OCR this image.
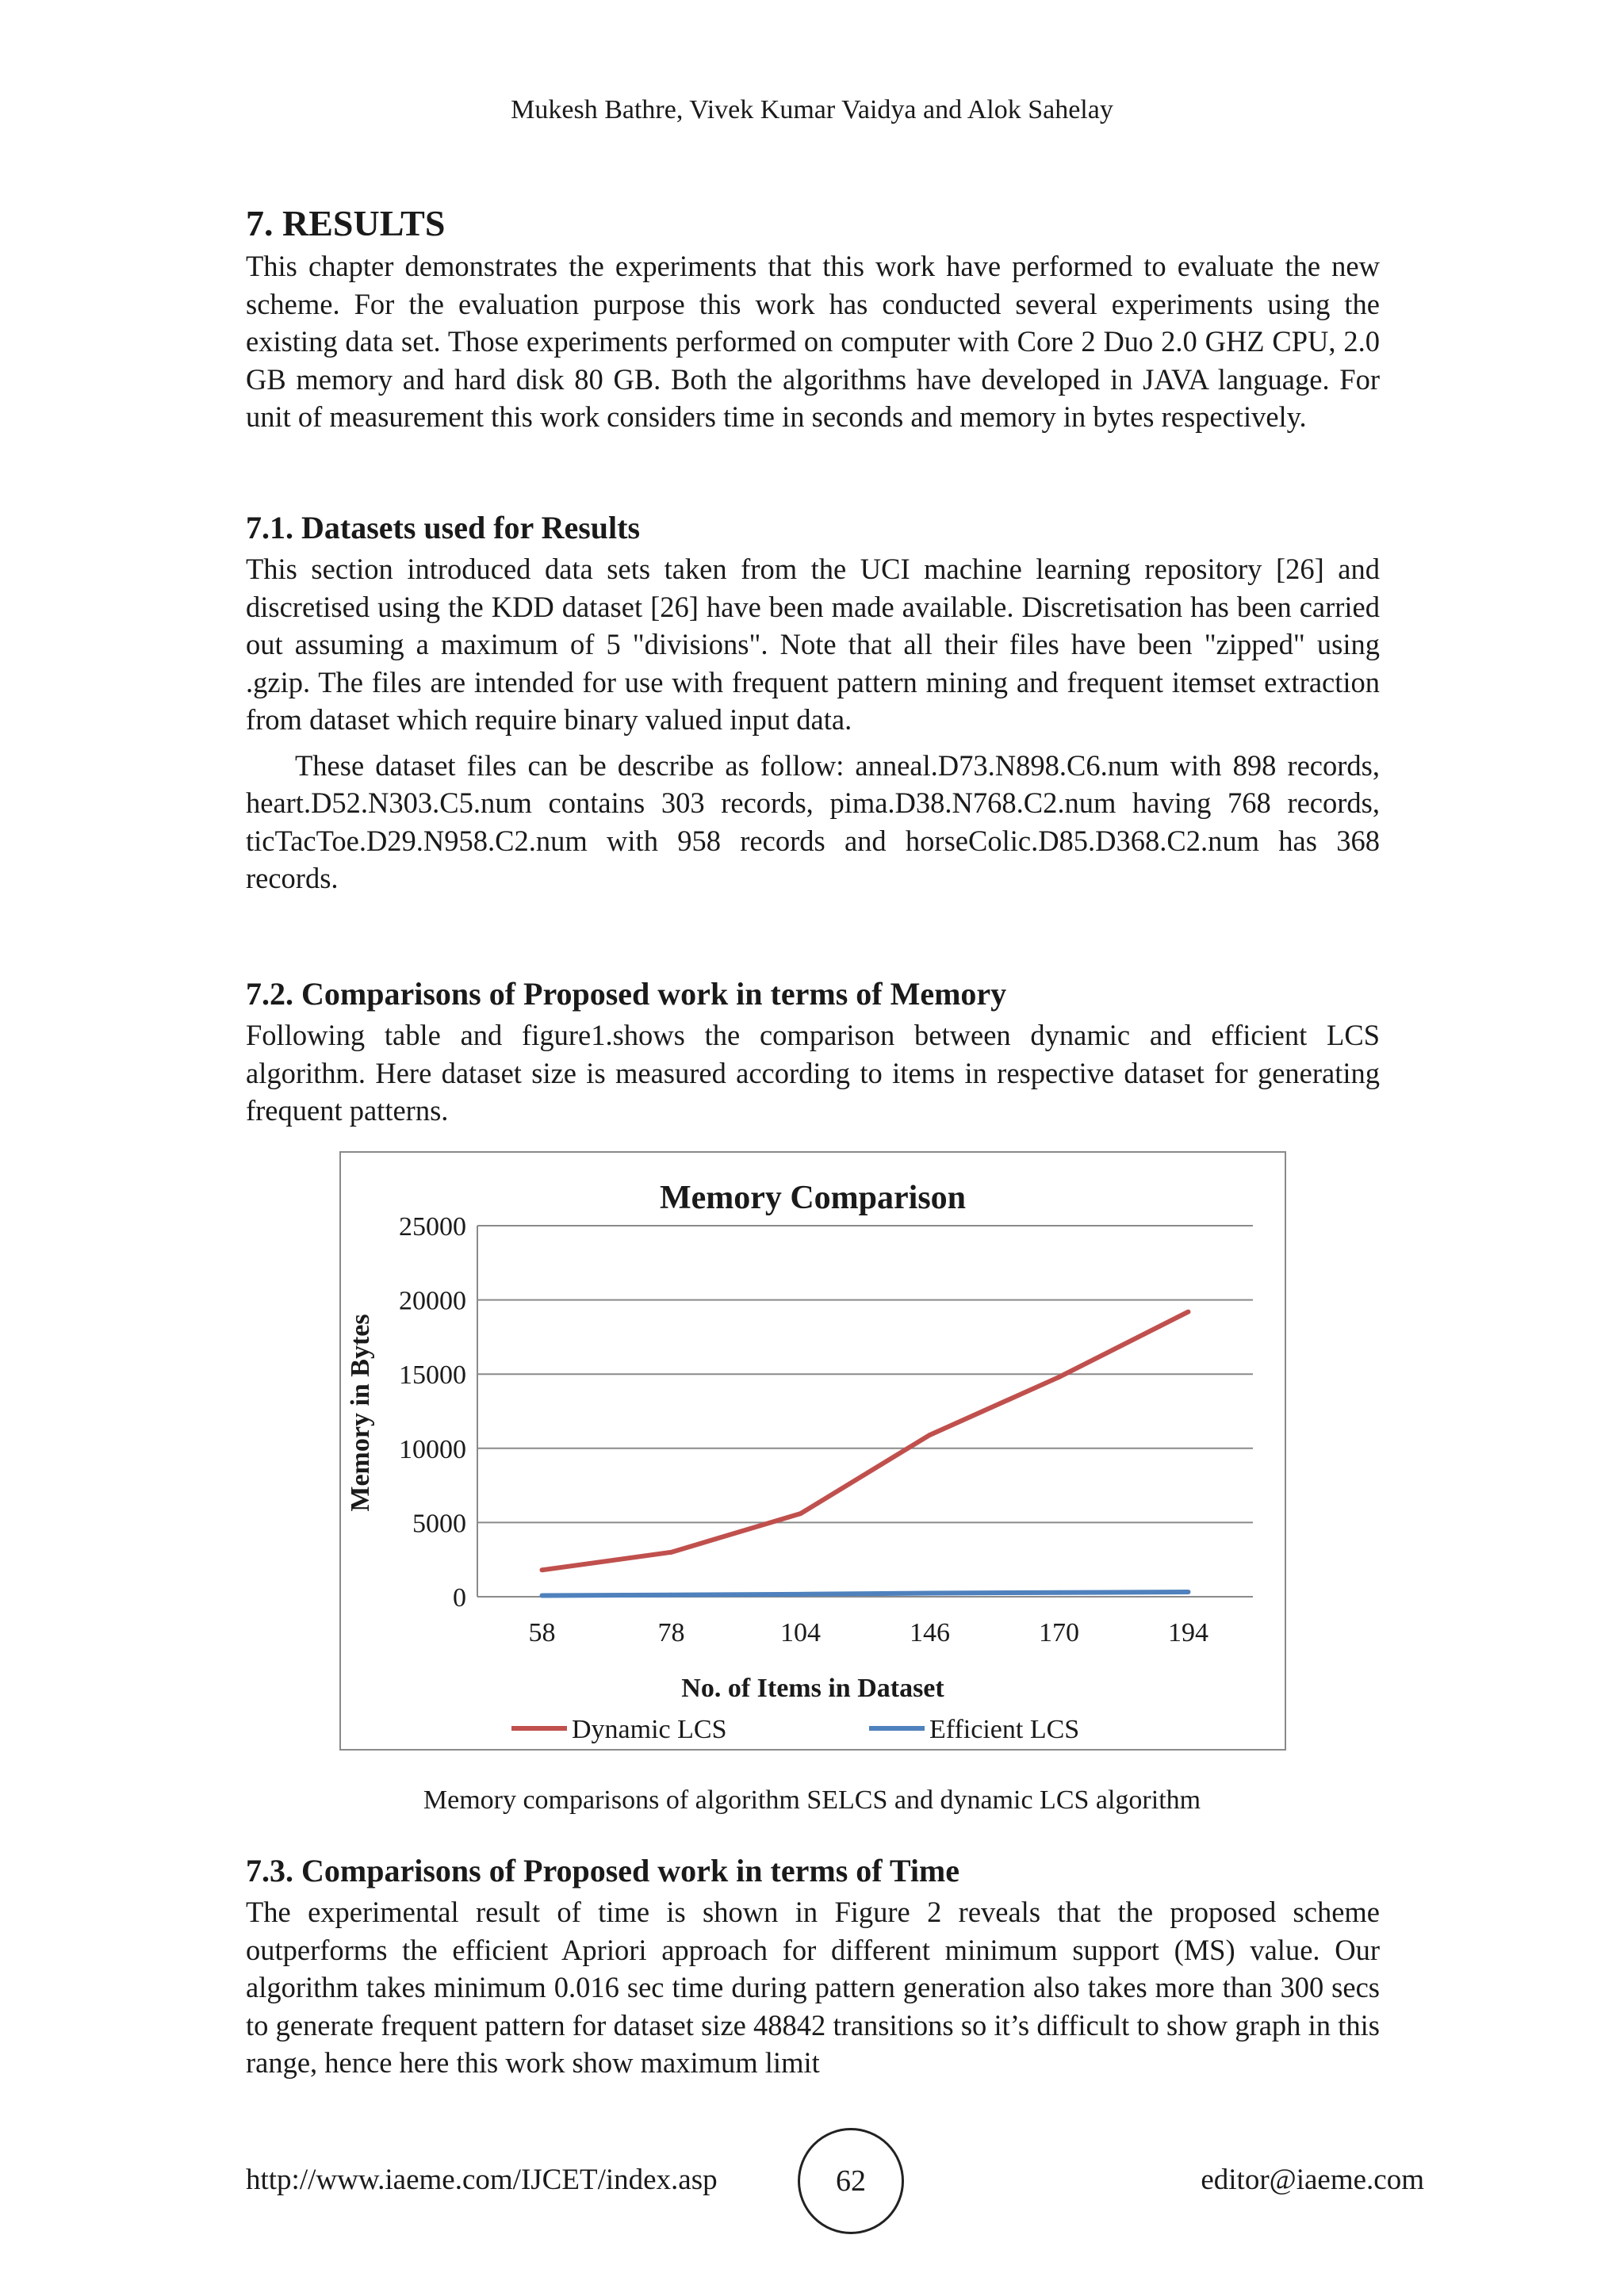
Mukesh Bathre, Vivek Kumar Vaidya and Alok Sahelay
7. RESULTS

This chapter demonstrates the experiments that this work have performed to evaluate the new scheme. For the evaluation purpose this work has conducted several experiments using the existing data set. Those experiments performed on computer with Core 2 Duo 2.0 GHZ CPU, 2.0 GB memory and hard disk 80 GB. Both the algorithms have developed in JAVA language. For unit of measurement this work considers time in seconds and memory in bytes respectively.

7.1. Datasets used for Results

This section introduced data sets taken from the UCI machine learning repository [26] and discretised using the KDD dataset [26] have been made available. Discretisation has been carried out assuming a maximum of 5 "divisions". Note that all their files have been "zipped" using .gzip. The files are intended for use with frequent pattern mining and frequent itemset extraction from dataset which require binary valued input data.

These dataset files can be describe as follow: anneal.D73.N898.C6.num with 898 records, heart.D52.N303.C5.num contains 303 records, pima.D38.N768.C2.num having 768 records, ticTacToe.D29.N958.C2.num with 958 records and horseColic.D85.D368.C2.num has 368 records.

7.2. Comparisons of Proposed work in terms of Memory

Following table and figure1.shows the comparison between dynamic and efficient LCS algorithm. Here dataset size is measured according to items in respective dataset for generating frequent patterns.

Memory Comparison
0
5000
10000
15000
20000
25000
58	78	104	146	170	194
Memory in Bytes
No. of Items in Dataset
Dynamic LCS	Efficient LCS
Memory comparisons of algorithm SELCS and dynamic LCS algorithm
7.3. Comparisons of Proposed work in terms of Time

The experimental result of time is shown in Figure 2 reveals that the proposed scheme outperforms the efficient Apriori approach for different minimum support (MS) value. Our algorithm takes minimum 0.016 sec time during pattern generation also takes more than 300 secs to generate frequent pattern for dataset size 48842 transitions so it’s difficult to show graph in this range, hence here this work show maximum limit

http://www.iaeme.com/IJCET/index.asp	62	editor@iaeme.com
